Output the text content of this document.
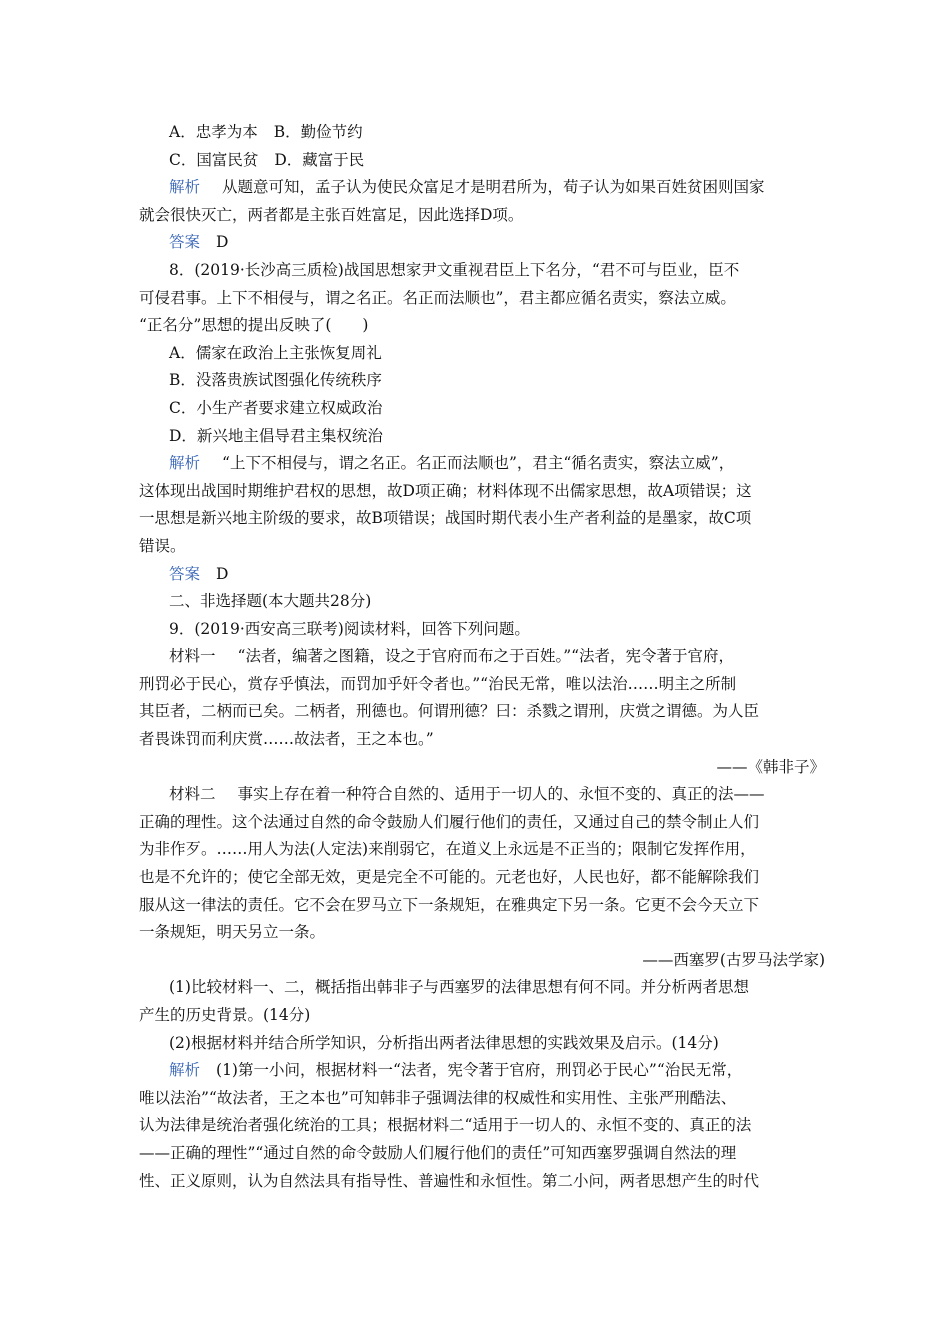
A．忠孝为本 B．勤俭节约
C．国富民贫 D．藏富于民
解析 从题意可知，孟子认为使民众富足才是明君所为，荀子认为如果百姓贫困则国家
就会很快灭亡，两者都是主张百姓富足，因此选择D项。
答案 D
8．(2019·长沙高三质检)战国思想家尹文重视君臣上下名分，“君不可与臣业，臣不
可侵君事。上下不相侵与，谓之名正。名正而法顺也”，君主都应循名责实，察法立威。
“正名分”思想的提出反映了(　　)
A．儒家在政治上主张恢复周礼
B．没落贵族试图强化传统秩序
C．小生产者要求建立权威政治
D．新兴地主倡导君主集权统治
解析 “上下不相侵与，谓之名正。名正而法顺也”，君主“循名责实，察法立威”，
这体现出战国时期维护君权的思想，故D项正确；材料体现不出儒家思想，故A项错误；这
一思想是新兴地主阶级的要求，故B项错误；战国时期代表小生产者利益的是墨家，故C项
错误。
答案 D
二、非选择题(本大题共28分)
9．(2019·西安高三联考)阅读材料，回答下列问题。
材料一 “法者，编著之图籍，设之于官府而布之于百姓。”“法者，宪令著于官府，
刑罚必于民心，赏存乎慎法，而罚加乎奸令者也。”“治民无常，唯以法治……明主之所制
其臣者，二柄而已矣。二柄者，刑德也。何谓刑德？曰：杀戮之谓刑，庆赏之谓德。为人臣
者畏诛罚而利庆赏……故法者，王之本也。”
——《韩非子》
材料二 事实上存在着一种符合自然的、适用于一切人的、永恒不变的、真正的法——
正确的理性。这个法通过自然的命令鼓励人们履行他们的责任，又通过自己的禁令制止人们
为非作歹。……用人为法(人定法)来削弱它，在道义上永远是不正当的；限制它发挥作用，
也是不允许的；使它全部无效，更是完全不可能的。元老也好，人民也好，都不能解除我们
服从这一律法的责任。它不会在罗马立下一条规矩，在雅典定下另一条。它更不会今天立下
一条规矩，明天另立一条。
——西塞罗(古罗马法学家)
(1)比较材料一、二，概括指出韩非子与西塞罗的法律思想有何不同。并分析两者思想
产生的历史背景。(14分)
(2)根据材料并结合所学知识，分析指出两者法律思想的实践效果及启示。(14分)
解析 (1)第一小问，根据材料一“法者，宪令著于官府，刑罚必于民心”“治民无常，
唯以法治”“故法者，王之本也”可知韩非子强调法律的权威性和实用性、主张严刑酷法、
认为法律是统治者强化统治的工具；根据材料二“适用于一切人的、永恒不变的、真正的法
——正确的理性”“通过自然的命令鼓励人们履行他们的责任”可知西塞罗强调自然法的理
性、正义原则，认为自然法具有指导性、普遍性和永恒性。第二小问，两者思想产生的时代
